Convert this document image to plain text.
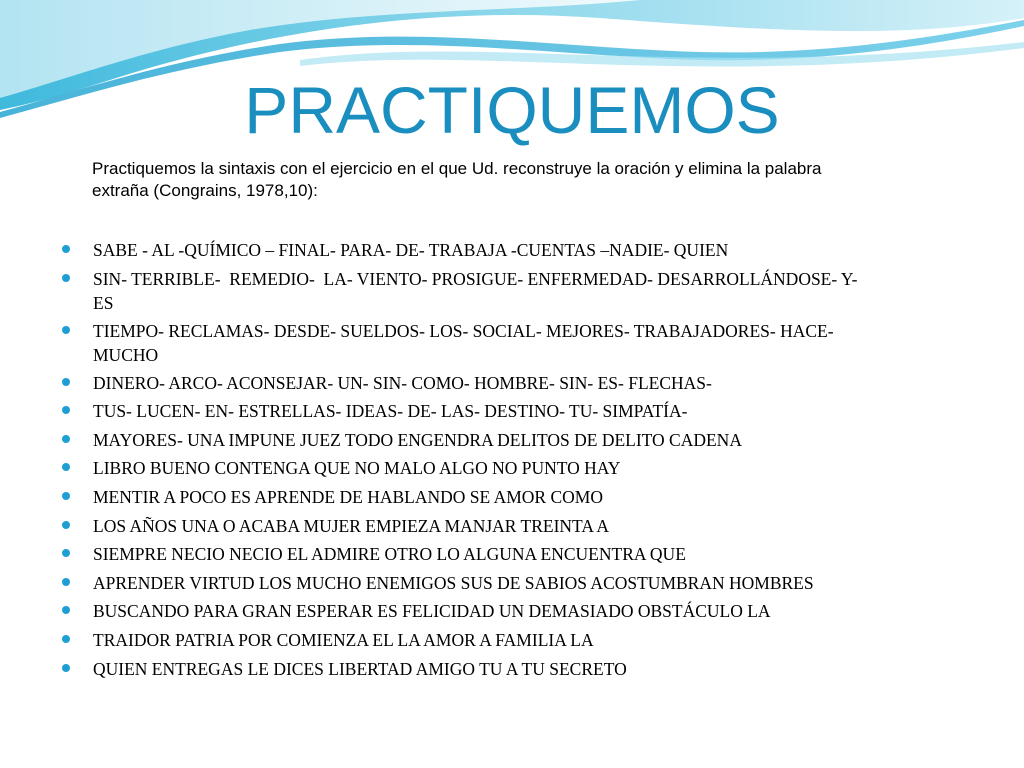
PRACTIQUEMOS

Practiquemos la sintaxis con el ejercicio en el que Ud. reconstruye la oración y elimina la palabra
extraña (Congrains, 1978,10):

SABE - AL -QUÍMICO – FINAL- PARA- DE- TRABAJA -CUENTAS –NADIE- QUIEN
SIN- TERRIBLE-  REMEDIO-  LA- VIENTO- PROSIGUE- ENFERMEDAD- DESARROLLÁNDOSE- Y-
ES
TIEMPO- RECLAMAS- DESDE- SUELDOS- LOS- SOCIAL- MEJORES- TRABAJADORES- HACE-
MUCHO
DINERO- ARCO- ACONSEJAR- UN- SIN- COMO- HOMBRE- SIN- ES- FLECHAS-
TUS- LUCEN- EN- ESTRELLAS- IDEAS- DE- LAS- DESTINO- TU- SIMPATÍA-
MAYORES- UNA IMPUNE JUEZ TODO ENGENDRA DELITOS DE DELITO CADENA
LIBRO BUENO CONTENGA QUE NO MALO ALGO NO PUNTO HAY
MENTIR A POCO ES APRENDE DE HABLANDO SE AMOR COMO
LOS AÑOS UNA O ACABA MUJER EMPIEZA MANJAR TREINTA A
SIEMPRE NECIO NECIO EL ADMIRE OTRO LO ALGUNA ENCUENTRA QUE
APRENDER VIRTUD LOS MUCHO ENEMIGOS SUS DE SABIOS ACOSTUMBRAN HOMBRES
BUSCANDO PARA GRAN ESPERAR ES FELICIDAD UN DEMASIADO OBSTÁCULO LA
TRAIDOR PATRIA POR COMIENZA EL LA AMOR A FAMILIA LA
QUIEN ENTREGAS LE DICES LIBERTAD AMIGO TU A TU SECRETO
